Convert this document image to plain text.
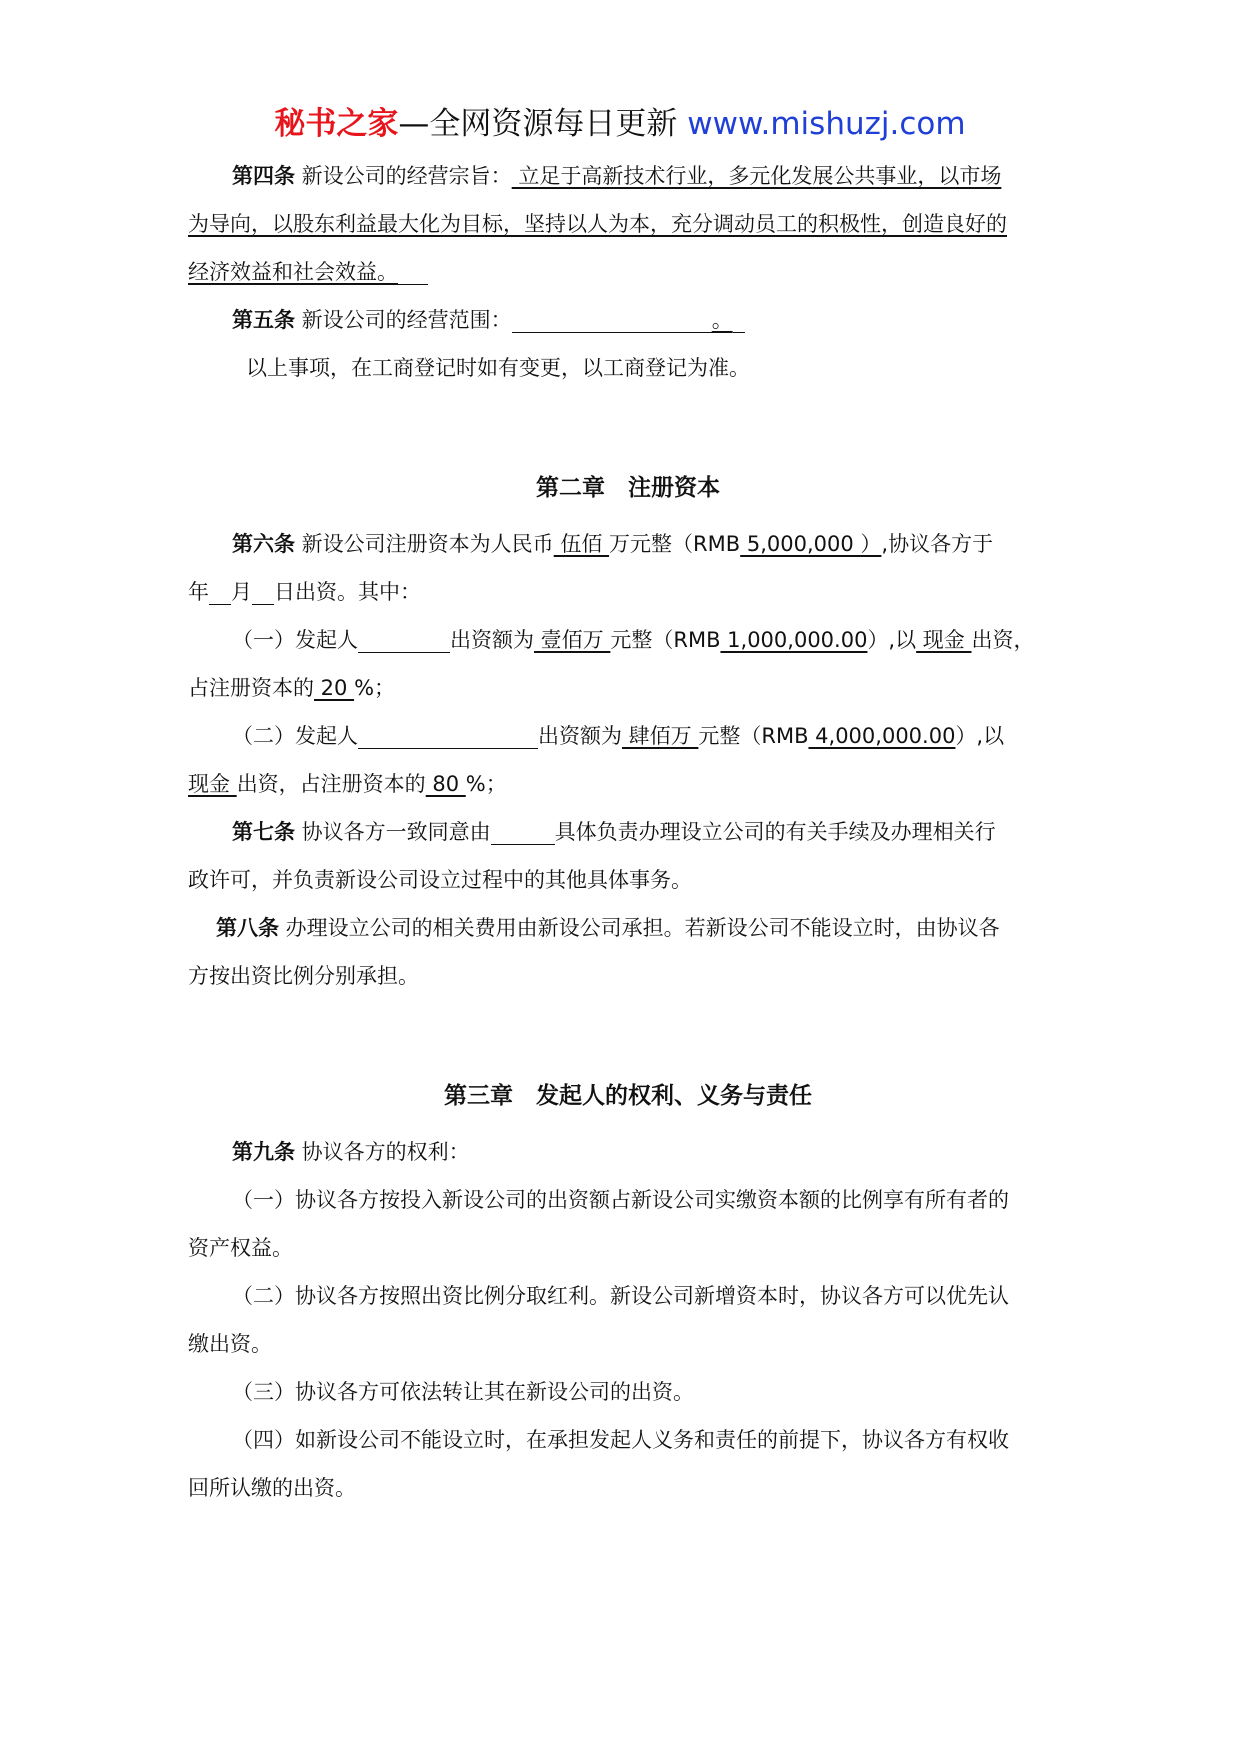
秘书之家—全网资源每日更新 www.mishuzj.com
第四条 新设公司的经营宗旨： 立足于高新技术行业，多元化发展公共事业，以市场
为导向，以股东利益最大化为目标，坚持以人为本，充分调动员工的积极性，创造良好的
经济效益和社会效益。
第五条 新设公司的经营范围：	。
以上事项，在工商登记时如有变更，以工商登记为准。
第二章　注册资本
第六条 新设公司注册资本为人民币 伍佰 万元整（RMB 5,000,000 ）,协议各方于
年 月 日出资。其中：
（一）发起人	出资额为 壹佰万 元整（RMB 1,000,000.00）,以 现金 出资，
占注册资本的 20 %；
（二）发起人	出资额为 肆佰万 元整（RMB 4,000,000.00）,以
现金 出资，占注册资本的 80 %；
第七条 协议各方一致同意由	具体负责办理设立公司的有关手续及办理相关行
政许可，并负责新设公司设立过程中的其他具体事务。
第八条 办理设立公司的相关费用由新设公司承担。若新设公司不能设立时，由协议各
方按出资比例分别承担。
第三章　发起人的权利、义务与责任
第九条 协议各方的权利：
（一）协议各方按投入新设公司的出资额占新设公司实缴资本额的比例享有所有者的
资产权益。
（二）协议各方按照出资比例分取红利。新设公司新增资本时，协议各方可以优先认
缴出资。
（三）协议各方可依法转让其在新设公司的出资。
（四）如新设公司不能设立时，在承担发起人义务和责任的前提下，协议各方有权收
回所认缴的出资。
